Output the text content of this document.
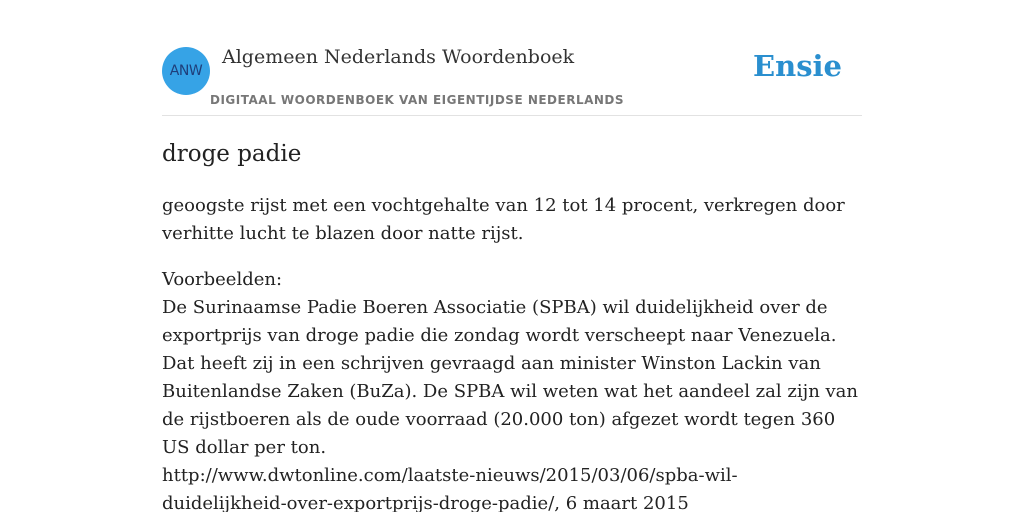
ANW
Algemeen Nederlands Woordenboek
DIGITAAL WOORDENBOEK VAN EIGENTIJDSE NEDERLANDS
Ensie
droge padie

geoogste rijst met een vochtgehalte van 12 tot 14 procent, verkregen door verhitte lucht te blazen door natte rijst.

Voorbeelden:
De Surinaamse Padie Boeren Associatie (SPBA) wil duidelijkheid over de exportprijs van droge padie die zondag wordt verscheept naar Venezuela. Dat heeft zij in een schrijven gevraagd aan minister Winston Lackin van Buitenlandse Zaken (BuZa). De SPBA wil weten wat het aandeel zal zijn van de rijstboeren als de oude voorraad (20.000 ton) afgezet wordt tegen 360 US dollar per ton.
http://www.dwtonline.com/laatste-nieuws/2015/03/06/spba-wil-duidelijkheid-over-exportprijs-droge-padie/, 6 maart 2015
